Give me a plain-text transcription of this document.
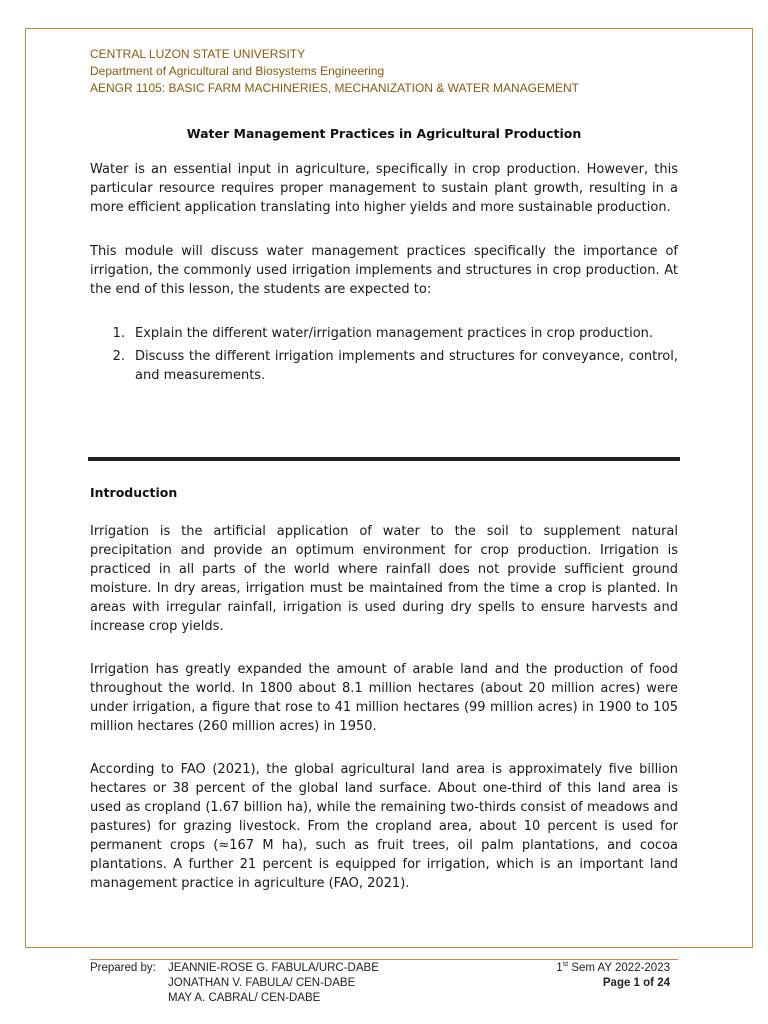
CENTRAL LUZON STATE UNIVERSITY
Department of Agricultural and Biosystems Engineering
AENGR 1105: BASIC FARM MACHINERIES, MECHANIZATION & WATER MANAGEMENT
Water Management Practices in Agricultural Production
Water is an essential input in agriculture, specifically in crop production. However, this particular resource requires proper management to sustain plant growth, resulting in a more efficient application translating into higher yields and more sustainable production.
This module will discuss water management practices specifically the importance of irrigation, the commonly used irrigation implements and structures in crop production. At the end of this lesson, the students are expected to:
1. Explain the different water/irrigation management practices in crop production.
2. Discuss the different irrigation implements and structures for conveyance, control, and measurements.
Introduction
Irrigation is the artificial application of water to the soil to supplement natural precipitation and provide an optimum environment for crop production. Irrigation is practiced in all parts of the world where rainfall does not provide sufficient ground moisture. In dry areas, irrigation must be maintained from the time a crop is planted. In areas with irregular rainfall, irrigation is used during dry spells to ensure harvests and increase crop yields.
Irrigation has greatly expanded the amount of arable land and the production of food throughout the world. In 1800 about 8.1 million hectares (about 20 million acres) were under irrigation, a figure that rose to 41 million hectares (99 million acres) in 1900 to 105 million hectares (260 million acres) in 1950.
According to FAO (2021), the global agricultural land area is approximately five billion hectares or 38 percent of the global land surface. About one-third of this land area is used as cropland (1.67 billion ha), while the remaining two-thirds consist of meadows and pastures) for grazing livestock. From the cropland area, about 10 percent is used for permanent crops (≈167 M ha), such as fruit trees, oil palm plantations, and cocoa plantations. A further 21 percent is equipped for irrigation, which is an important land management practice in agriculture (FAO, 2021).
Prepared by:	JEANNIE-ROSE G. FABULA/URC-DABE
JONATHAN V. FABULA/ CEN-DABE
MAY A. CABRAL/ CEN-DABE
1st Sem AY 2022-2023
Page 1 of 24
